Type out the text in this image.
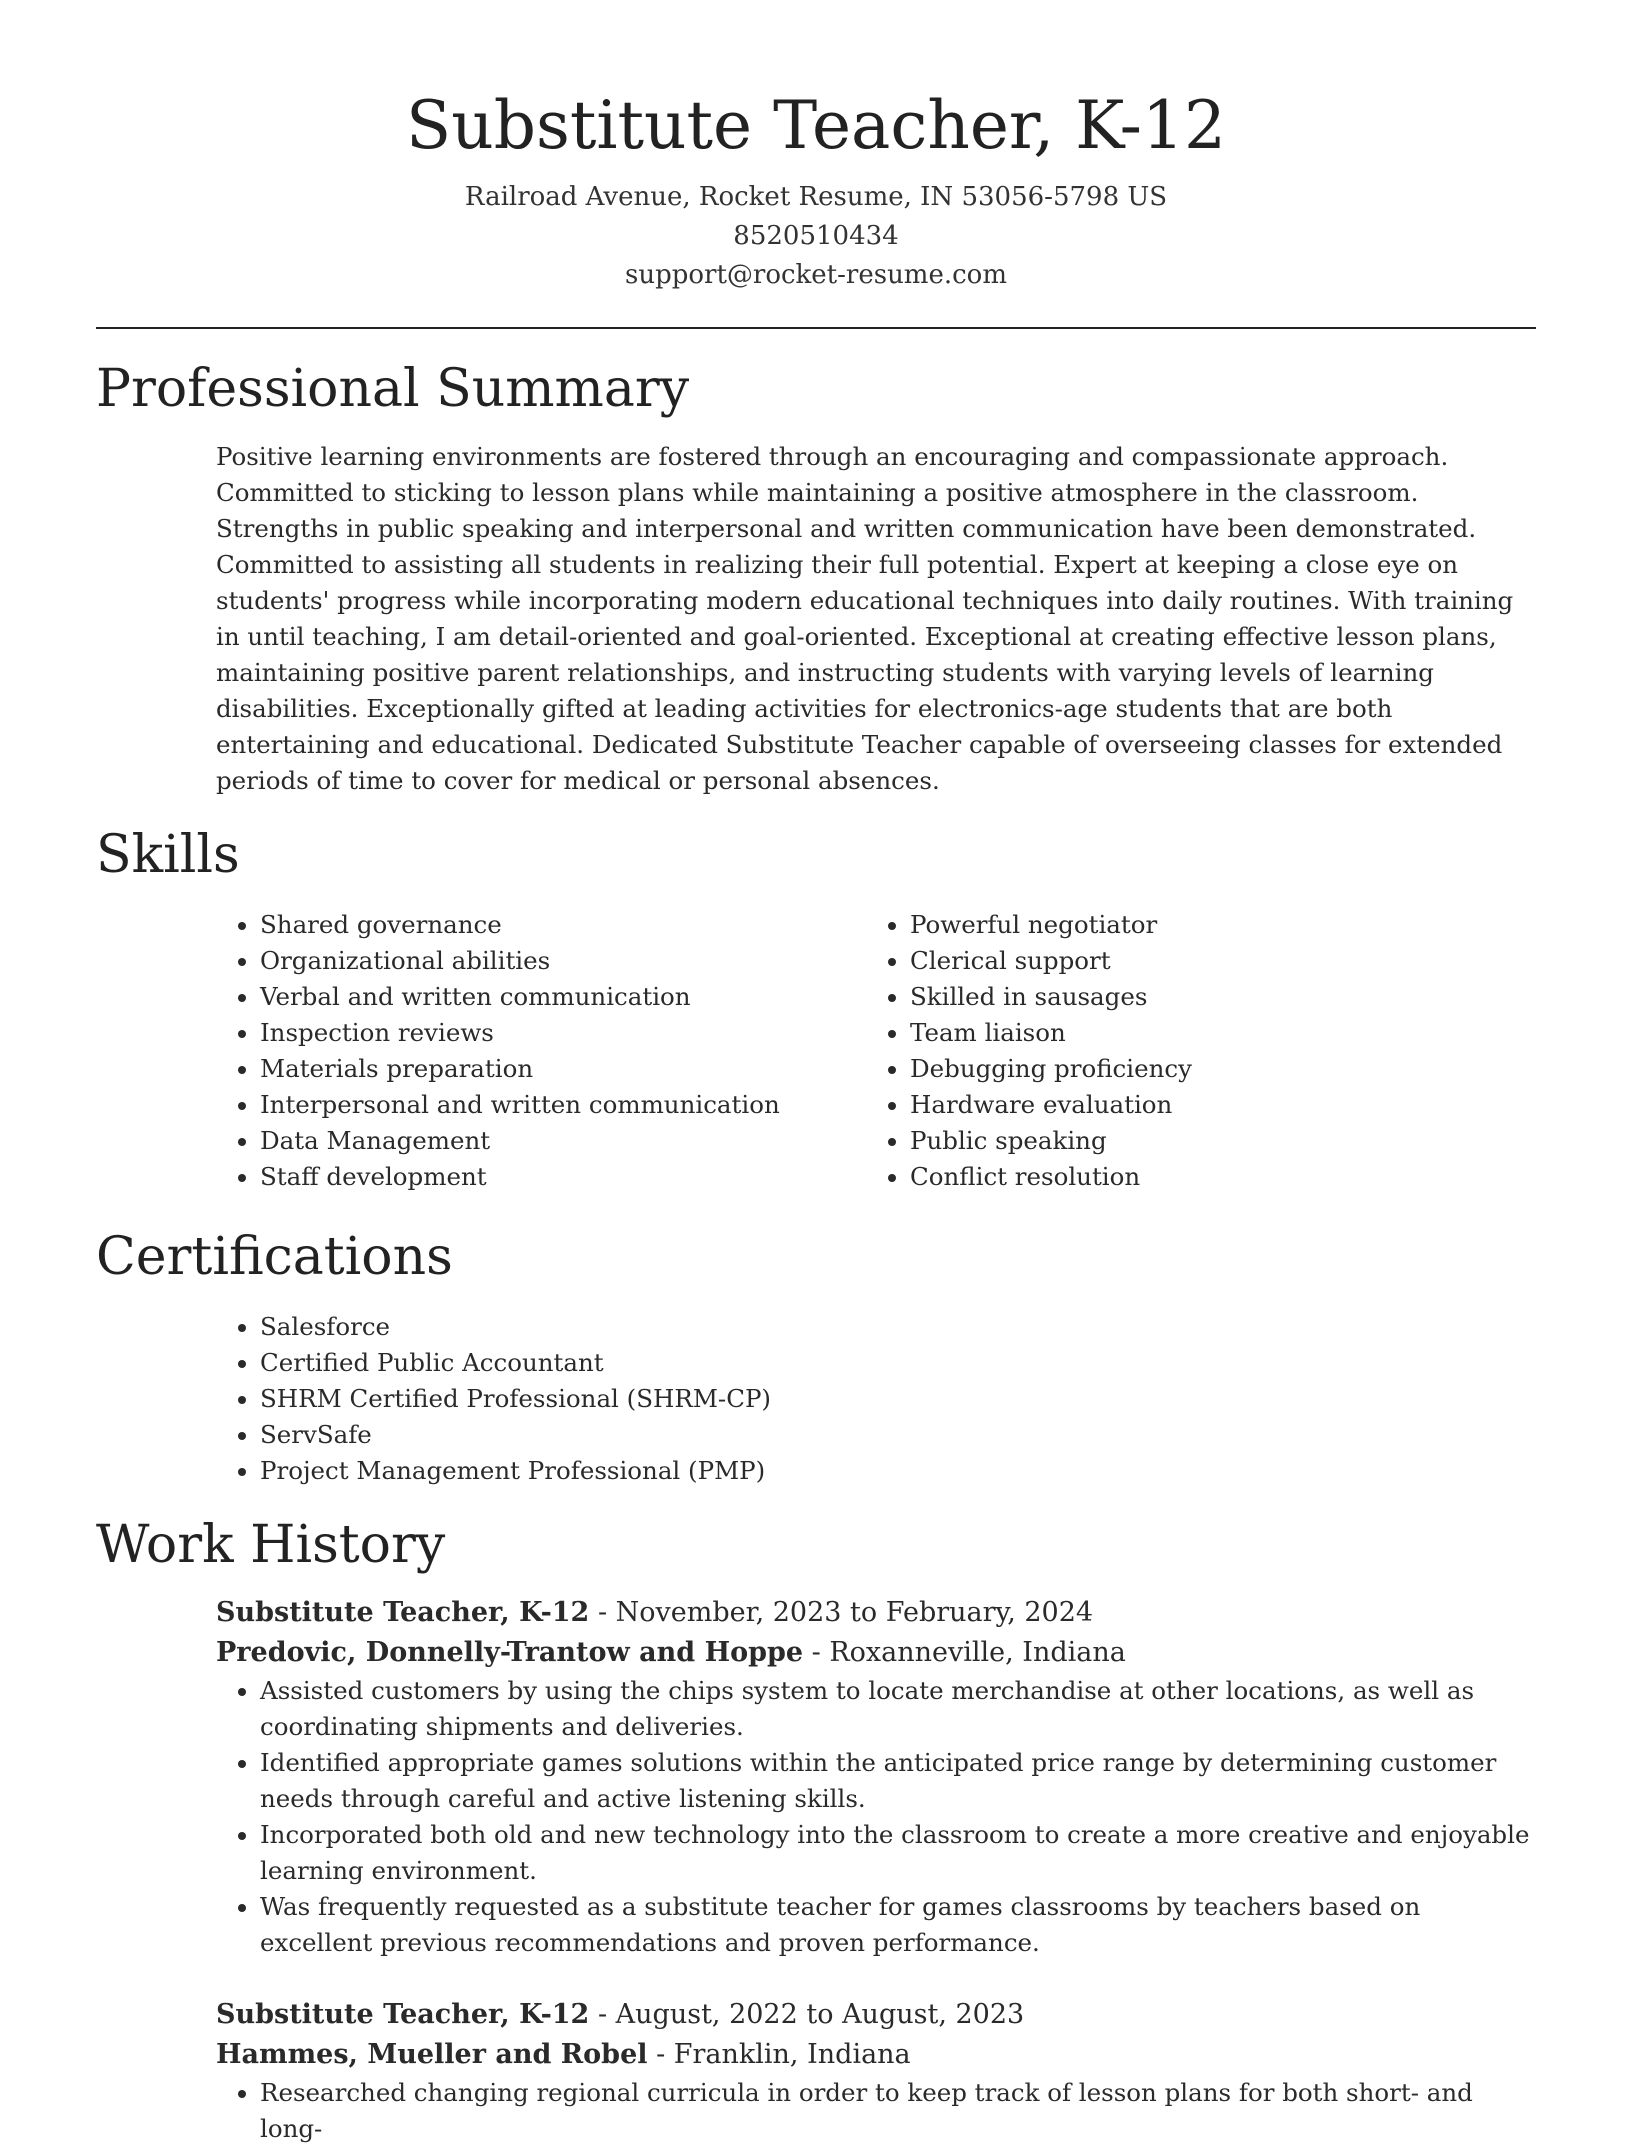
Substitute Teacher, K-12
Railroad Avenue, Rocket Resume, IN 53056-5798 US
8520510434
support@rocket-resume.com
Professional Summary

Positive learning environments are fostered through an encouraging and compassionate approach. Committed to sticking to lesson plans while maintaining a positive atmosphere in the classroom. Strengths in public speaking and interpersonal and written communication have been demonstrated. Committed to assisting all students in realizing their full potential. Expert at keeping a close eye on students' progress while incorporating modern educational techniques into daily routines. With training in until teaching, I am detail-oriented and goal-oriented. Exceptional at creating effective lesson plans, maintaining positive parent relationships, and instructing students with varying levels of learning disabilities. Exceptionally gifted at leading activities for electronics-age students that are both entertaining and educational. Dedicated Substitute Teacher capable of overseeing classes for extended periods of time to cover for medical or personal absences.

Skills
• Shared governance
• Organizational abilities
• Verbal and written communication
• Inspection reviews
• Materials preparation
• Interpersonal and written communication
• Data Management
• Staff development
• Powerful negotiator
• Clerical support
• Skilled in sausages
• Team liaison
• Debugging proficiency
• Hardware evaluation
• Public speaking
• Conflict resolution
Certifications
• Salesforce
• Certified Public Accountant
• SHRM Certified Professional (SHRM-CP)
• ServSafe
• Project Management Professional (PMP)
Work History
Substitute Teacher, K-12 - November, 2023 to February, 2024
Predovic, Donnelly-Trantow and Hoppe - Roxanneville, Indiana
• Assisted customers by using the chips system to locate merchandise at other locations, as well as coordinating shipments and deliveries.
• Identified appropriate games solutions within the anticipated price range by determining customer needs through careful and active listening skills.
• Incorporated both old and new technology into the classroom to create a more creative and enjoyable learning environment.
• Was frequently requested as a substitute teacher for games classrooms by teachers based on excellent previous recommendations and proven performance.
Substitute Teacher, K-12 - August, 2022 to August, 2023
Hammes, Mueller and Robel - Franklin, Indiana
• Researched changing regional curricula in order to keep track of lesson plans for both short- and long-
